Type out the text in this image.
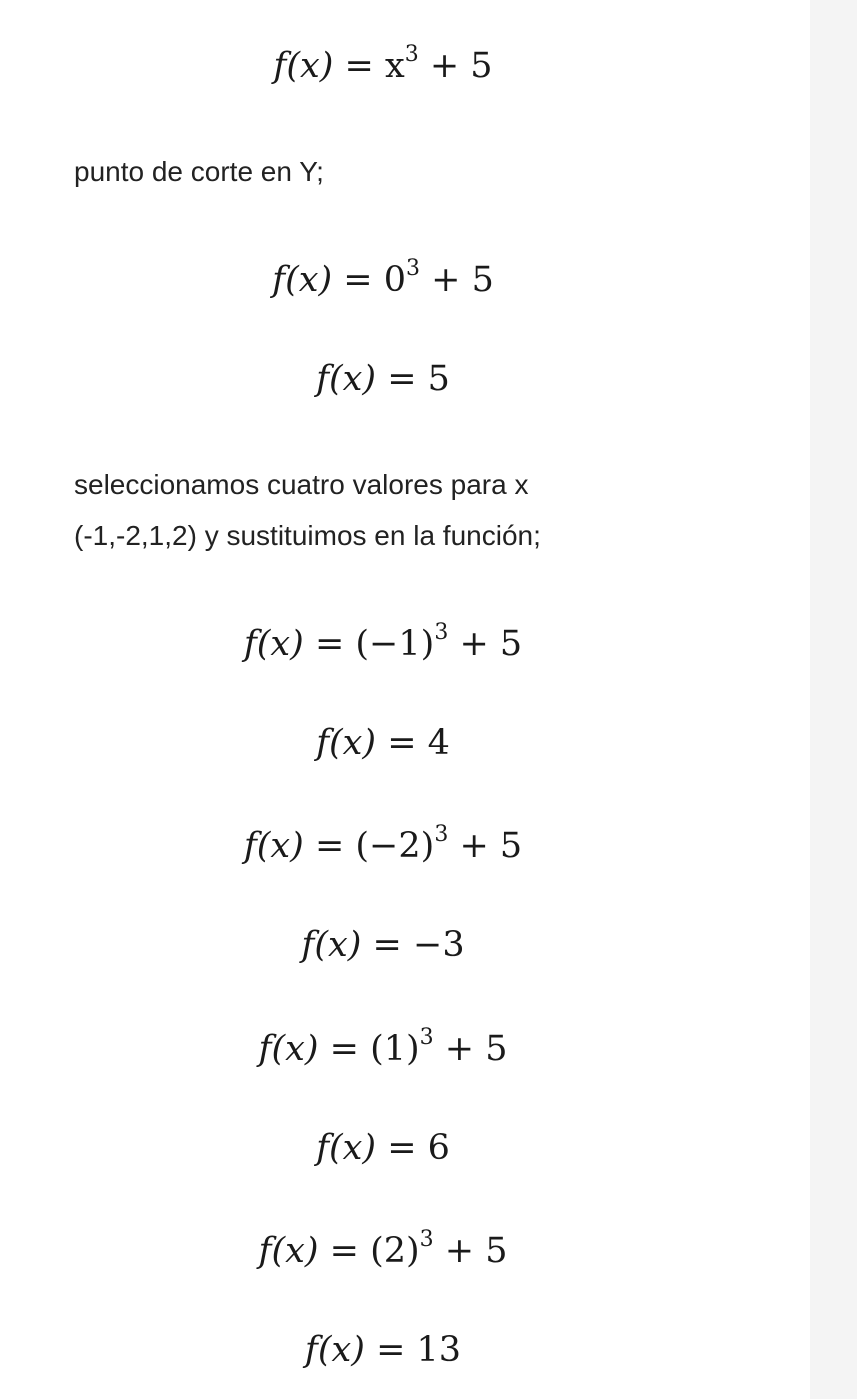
$f(x) = x^3 + 5$

punto de corte en Y;

$f(x) = 0^3 + 5$
f(x) = 5

seleccionamos cuatro valores para x

(-1,-2,1,2) y sustituimos en la función;

$f(x) = (-1)^3 + 5$
f(x) = 4
$f(x) = (-2)^3 + 5$
f(x) = −3
$f(x) = (1)^3 + 5$
f(x) = 6
$f(x) = (2)^3 + 5$
f(x) = 13
